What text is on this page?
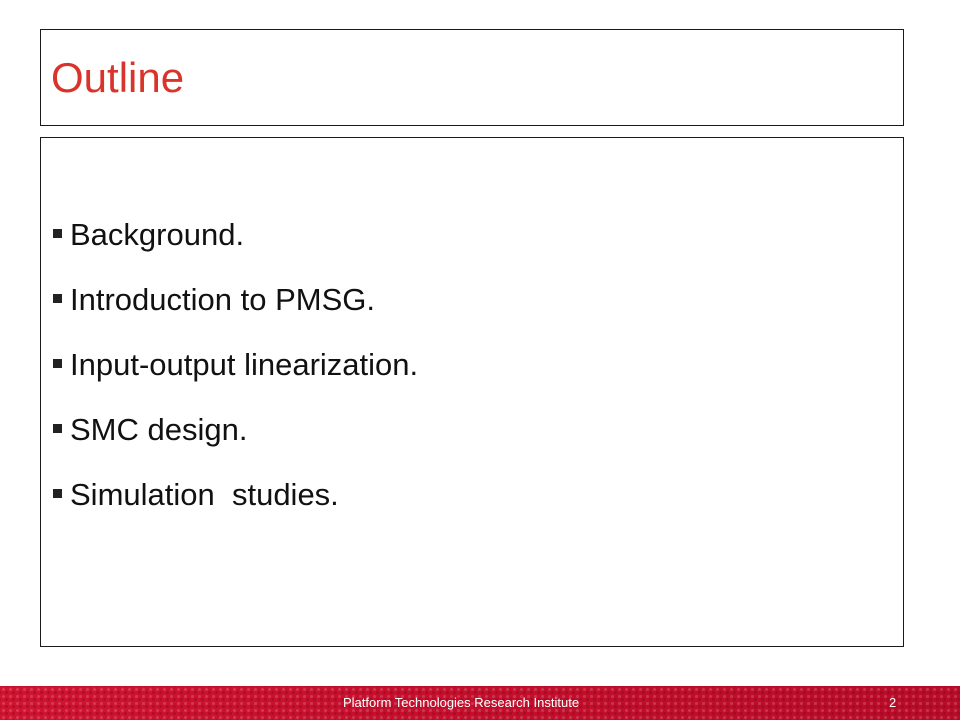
Outline
Background.
Introduction to PMSG.
Input-output linearization.
SMC design.
Simulation  studies.
Platform Technologies Research Institute	2
